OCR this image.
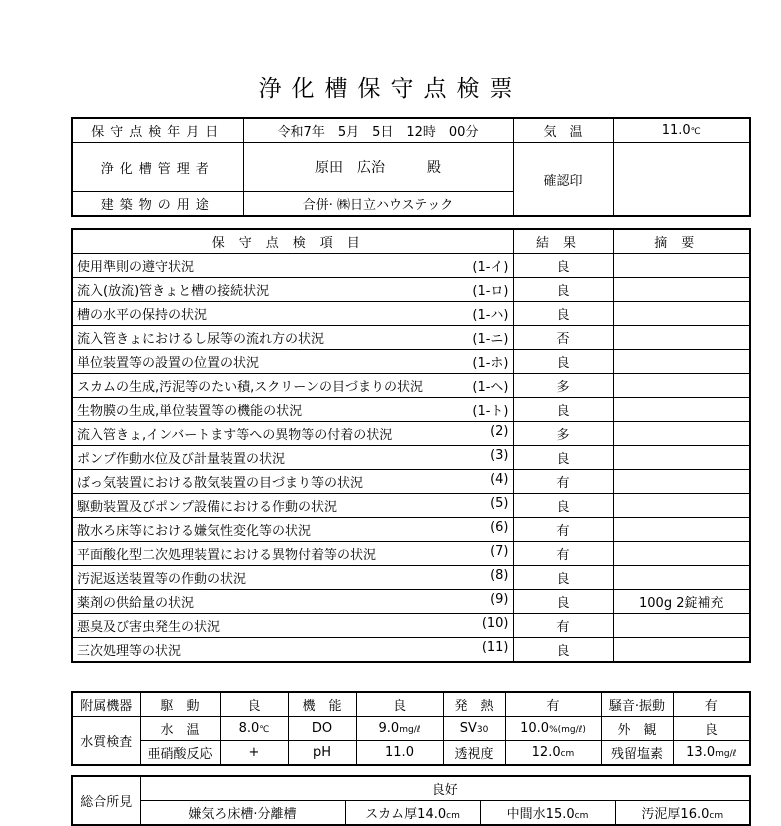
浄化槽保守点検票
保守点検年月日	令和7年　5月　5日　12時　00分	気　温	11.0℃
浄化槽管理者	原田　広治　　　殿	確認印	
建築物の用途	合併· ㈱日立ハウステック		
保守点検項目	結果	摘要

使用準則の遵守状況 (1-イ)	良	

流入(放流)管きょと槽の接続状況 (1-ロ)	良	

槽の水平の保持の状況 (1-ハ)	良	

流入管きょにおけるし尿等の流れ方の状況 (1-ニ)	否	

単位装置等の設置の位置の状況 (1-ホ)	良	

スカムの生成,汚泥等のたい積,スクリーンの目づまりの状況 (1-ヘ)	多	

生物膜の生成,単位装置等の機能の状況 (1-ト)	良	

流入管きょ,インバートます等への異物等の付着の状況 (2)	多	

ポンプ作動水位及び計量装置の状況 (3)	良	

ばっ気装置における散気装置の目づまり等の状況 (4)	有	

駆動装置及びポンプ設備における作動の状況 (5)	良	

散水ろ床等における嫌気性変化等の状況 (6)	有	

平面酸化型二次処理装置における異物付着等の状況 (7)	有	

汚泥返送装置等の作動の状況 (8)	良	

薬剤の供給量の状況 (9)	良	100g 2錠補充

悪臭及び害虫発生の状況 (10)	有	

三次処理等の状況 (11)	良	
附属機器	駆　動	良	機　能	良	発　熱	有	騒音·振動	有
水質検査	水　温	8.0℃	DO	9.0mg/ℓ	SV30	10.0%(mg/ℓ)	外　観	良
	亜硝酸反応	+	pH	11.0	透視度	12.0cm	残留塩素	13.0mg/ℓ
総合所見	良好			
	嫌気ろ床槽·分離槽	スカム厚14.0cm	中間水15.0cm	汚泥厚16.0cm
